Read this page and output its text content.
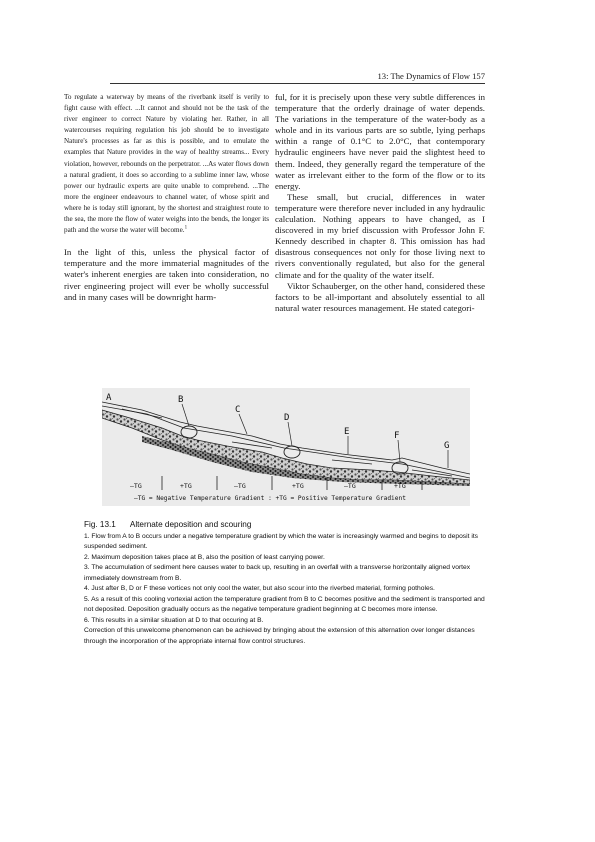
13: The Dynamics of Flow 157

To regulate a waterway by means of the riverbank itself is verily to fight cause with effect. ...It cannot and should not be the task of the river engineer to correct Nature by violating her. Rather, in all watercourses requiring regulation his job should be to investigate Nature's processes as far as this is possible, and to emulate the examples that Nature provides in the way of healthy streams... Every violation, however, rebounds on the perpetrator. ...As water flows down a natural gradient, it does so according to a sublime inner law, whose power our hydraulic experts are quite unable to comprehend. ...The more the engineer endeavours to channel water, of whose spirit and where he is today still ignorant, by the shortest and straightest route to the sea, the more the flow of water weighs into the bends, the longer its path and the worse the water will become.$^1$

In the light of this, unless the physical factor of temperature and the more immaterial magnitudes of the water's inherent energies are taken into consideration, no river engineering project will ever be wholly successful and in many cases will be downright harm-

ful, for it is precisely upon these very subtle differences in temperature that the orderly drainage of water depends. The variations in the temperature of the water-body as a whole and in its various parts are so subtle, lying perhaps within a range of 0.1°C to 2.0°C, that contemporary hydraulic engineers have never paid the slightest heed to them. Indeed, they generally regard the temperature of the water as irrelevant either to the form of the flow or to its energy.

These small, but crucial, differences in water temperature were therefore never included in any hydraulic calculation. Nothing appears to have changed, as I discovered in my brief discussion with Professor John F. Kennedy described in chapter 8. This omission has had disastrous consequences not only for those living next to rivers conventionally regulated, but also for the general climate and for the quality of the water itself.

Viktor Schauberger, on the other hand, considered these factors to be all-important and absolutely essential to all natural water resources management. He stated categori-

A	B
C
D
E	F
G
—TG	+TG	—TG	+TG	—TG	+TG
—TG = Negative Temperature Gradient : +TG = Positive Temperature Gradient
Fig. 13.1 Alternate deposition and scouring

1. Flow from A to B occurs under a negative temperature gradient by which the water is increasingly warmed and begins to deposit its suspended sediment.

2. Maximum deposition takes place at B, also the position of least carrying power.

3. The accumulation of sediment here causes water to back up, resulting in an overfall with a transverse horizontally aligned vortex immediately downstream from B.

4. Just after B, D or F these vortices not only cool the water, but also scour into the riverbed material, forming potholes.

5. As a result of this cooling vortexial action the temperature gradient from B to C becomes positive and the sediment is transported and not deposited. Deposition gradually occurs as the negative temperature gradient beginning at C becomes more intense.

6. This results in a similar situation at D to that occuring at B.

Correction of this unwelcome phenomenon can be achieved by bringing about the extension of this alternation over longer distances through the incorporation of the appropriate internal flow control structures.
